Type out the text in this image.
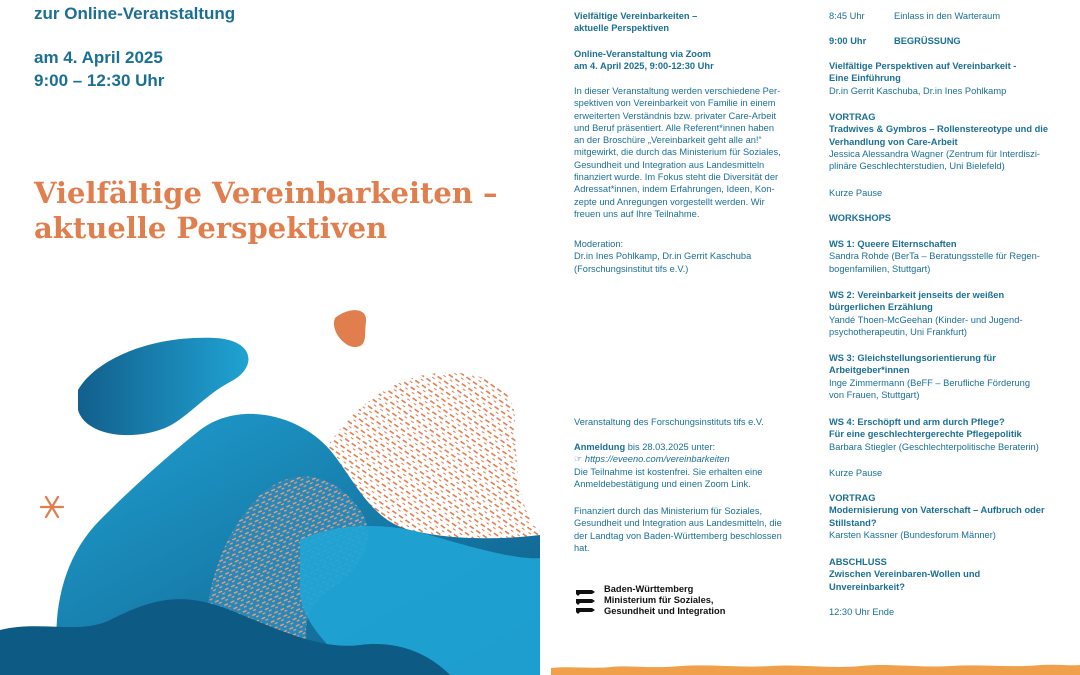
zur Online-Veranstaltung
am 4. April 2025
9:00 – 12:30 Uhr
Vielfältige Vereinbarkeiten –
aktuelle Perspektiven

Vielfältige Vereinbarkeiten –

aktuelle Perspektiven

Online-Veranstaltung via Zoom

am 4. April 2025, 9:00-12:30 Uhr

In dieser Veranstaltung werden verschiedene Per-

spektiven von Vereinbarkeit von Familie in einem

erweiterten Verständnis bzw. privater Care-Arbeit

und Beruf präsentiert. Alle Referent*innen haben

an der Broschüre „Vereinbarkeit geht alle an!“

mitgewirkt, die durch das Ministerium für Soziales,

Gesundheit und Integration aus Landesmitteln

finanziert wurde. Im Fokus steht die Diversität der

Adressat*innen, indem Erfahrungen, Ideen, Kon-

zepte und Anregungen vorgestellt werden. Wir

freuen uns auf Ihre Teilnahme.

Moderation:

Dr.in Ines Pohlkamp, Dr.in Gerrit Kaschuba

(Forschungsinstitut tifs e.V.)

Veranstaltung des Forschungsinstituts tifs e.V.

Anmeldung bis 28.03.2025 unter:

☞ https://eveeno.com/vereinbarkeiten

Die Teilnahme ist kostenfrei. Sie erhalten eine

Anmeldebestätigung und einen Zoom Link.

Finanziert durch das Ministerium für Soziales,

Gesundheit und Integration aus Landesmitteln, die

der Landtag von Baden-Württemberg beschlossen

hat.

Baden-Württemberg
Ministerium für Soziales,
Gesundheit und Integration
8:45 Uhr	Einlass in den Warteraum
9:00 Uhr	BEGRÜSSUNG
Vielfältige Perspektiven auf Vereinbarkeit -
Eine Einführung
Dr.in Gerrit Kaschuba, Dr.in Ines Pohlkamp
VORTRAG
Tradwives & Gymbros – Rollenstereotype und die
Verhandlung von Care-Arbeit
Jessica Alessandra Wagner (Zentrum für Interdiszi-
plinäre Geschlechterstudien, Uni Bielefeld)
Kurze Pause
WORKSHOPS
WS 1: Queere Elternschaften
Sandra Rohde (BerTa – Beratungsstelle für Regen-
bogenfamilien, Stuttgart)
WS 2: Vereinbarkeit jenseits der weißen
bürgerlichen Erzählung
Yandé Thoen-McGeehan (Kinder- und Jugend-
psychotherapeutin, Uni Frankfurt)
WS 3: Gleichstellungsorientierung für
Arbeitgeber*innen
Inge Zimmermann (BeFF – Berufliche Förderung
von Frauen, Stuttgart)
WS 4: Erschöpft und arm durch Pflege?
Für eine geschlechtergerechte Pflegepolitik
Barbara Stiegler (Geschlechterpolitische Beraterin)
Kurze Pause
VORTRAG
Modernisierung von Vaterschaft – Aufbruch oder
Stillstand?
Karsten Kassner (Bundesforum Männer)
ABSCHLUSS
Zwischen Vereinbaren-Wollen und
Unvereinbarkeit?
12:30 Uhr Ende
